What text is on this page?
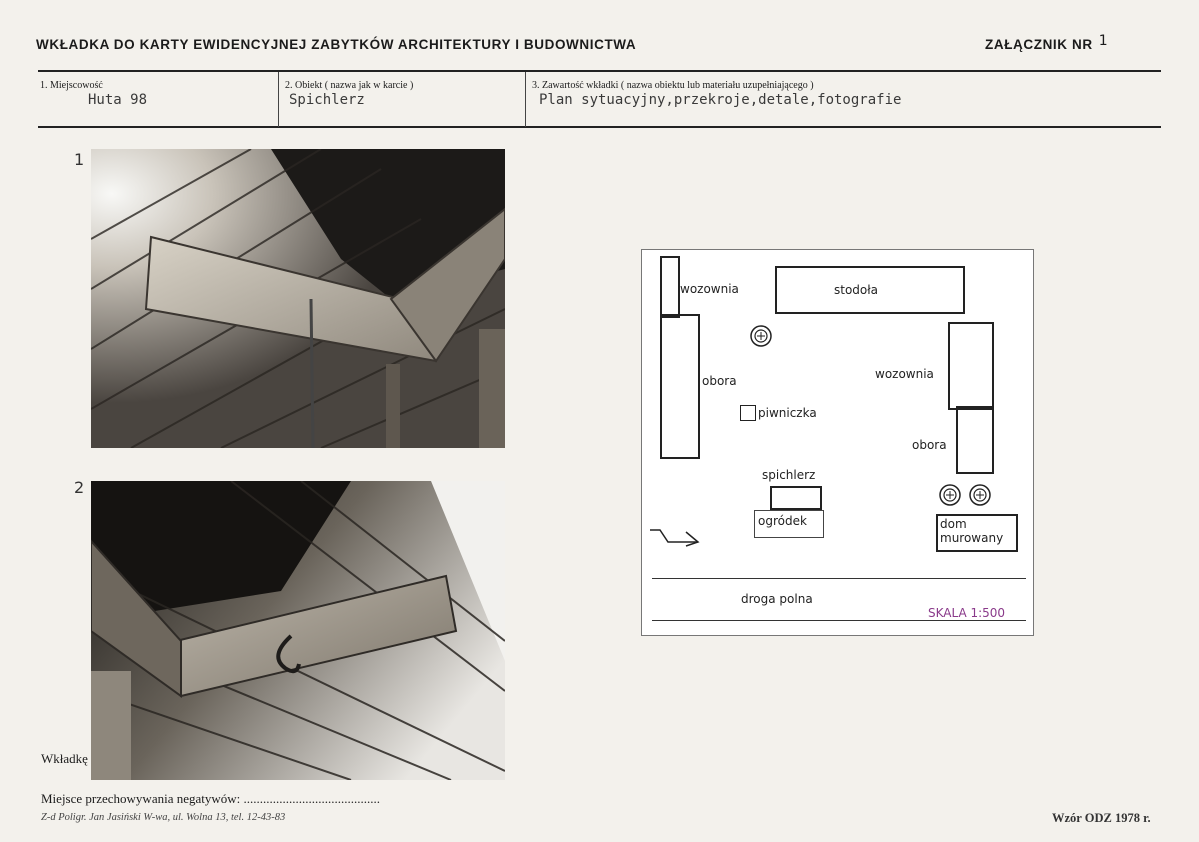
WKŁADKA DO KARTY EWIDENCYJNEJ ZABYTKÓW ARCHITEKTURY I BUDOWNICTWA	ZAŁĄCZNIK NR 1
1. Miejscowość
Huta 98
2. Obiekt ( nazwa jak w karcie )
Spichlerz
3. Zawartość wkładki ( nazwa obiektu lub materiału uzupełniającego )
Plan sytuacyjny,przekroje,detale,fotografie
1
2
wozownia
obora
stodoła
wozownia
obora
piwniczka
spichlerz
ogródek	dom
murowany
droga polna
SKALA 1:500
Wkładkę
Miejsce przechowywania negatywów: ..........................................
Z-d Poligr. Jan Jasiński W-wa, ul. Wolna 13, tel. 12-43-83	Wzór ODZ 1978 r.
